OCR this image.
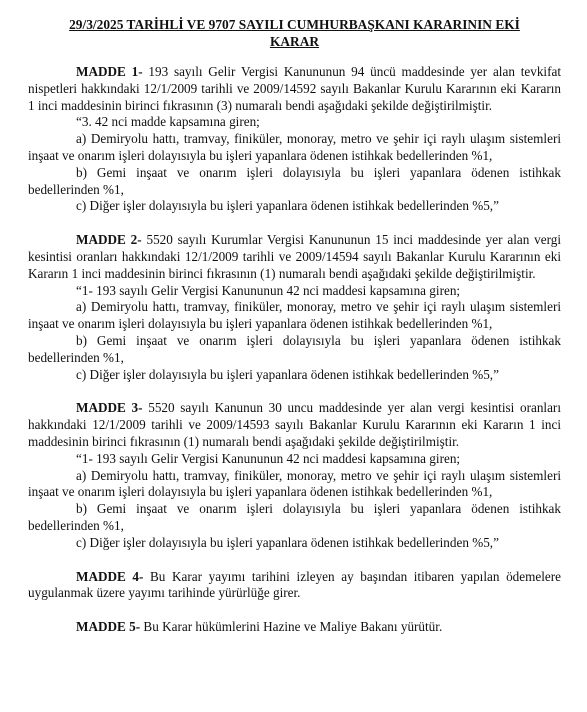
29/3/2025 TARİHLİ VE 9707 SAYILI CUMHURBAŞKANI KARARININ EKİ
KARAR

MADDE 1- 193 sayılı Gelir Vergisi Kanununun 94 üncü maddesinde yer alan tevkifat nispetleri hakkındaki 12/1/2009 tarihli ve 2009/14592 sayılı Bakanlar Kurulu Kararının eki Kararın 1 inci maddesinin birinci fıkrasının (3) numaralı bendi aşağıdaki şekilde değiştirilmiştir.

“3. 42 nci madde kapsamına giren;

a) Demiryolu hattı, tramvay, finiküler, monoray, metro ve şehir içi raylı ulaşım sistemleri inşaat ve onarım işleri dolayısıyla bu işleri yapanlara ödenen istihkak bedellerinden %1,

b) Gemi inşaat ve onarım işleri dolayısıyla bu işleri yapanlara ödenen istihkak bedellerinden %1,

c) Diğer işler dolayısıyla bu işleri yapanlara ödenen istihkak bedellerinden %5,”

MADDE 2- 5520 sayılı Kurumlar Vergisi Kanununun 15 inci maddesinde yer alan vergi kesintisi oranları hakkındaki 12/1/2009 tarihli ve 2009/14594 sayılı Bakanlar Kurulu Kararının eki Kararın 1 inci maddesinin birinci fıkrasının (1) numaralı bendi aşağıdaki şekilde değiştirilmiştir.

“1- 193 sayılı Gelir Vergisi Kanununun 42 nci maddesi kapsamına giren;

a) Demiryolu hattı, tramvay, finiküler, monoray, metro ve şehir içi raylı ulaşım sistemleri inşaat ve onarım işleri dolayısıyla bu işleri yapanlara ödenen istihkak bedellerinden %1,

b) Gemi inşaat ve onarım işleri dolayısıyla bu işleri yapanlara ödenen istihkak bedellerinden %1,

c) Diğer işler dolayısıyla bu işleri yapanlara ödenen istihkak bedellerinden %5,”

MADDE 3- 5520 sayılı Kanunun 30 uncu maddesinde yer alan vergi kesintisi oranları hakkındaki 12/1/2009 tarihli ve 2009/14593 sayılı Bakanlar Kurulu Kararının eki Kararın 1 inci maddesinin birinci fıkrasının (1) numaralı bendi aşağıdaki şekilde değiştirilmiştir.

“1- 193 sayılı Gelir Vergisi Kanununun 42 nci maddesi kapsamına giren;

a) Demiryolu hattı, tramvay, finiküler, monoray, metro ve şehir içi raylı ulaşım sistemleri inşaat ve onarım işleri dolayısıyla bu işleri yapanlara ödenen istihkak bedellerinden %1,

b) Gemi inşaat ve onarım işleri dolayısıyla bu işleri yapanlara ödenen istihkak bedellerinden %1,

c) Diğer işler dolayısıyla bu işleri yapanlara ödenen istihkak bedellerinden %5,”

MADDE 4- Bu Karar yayımı tarihini izleyen ay başından itibaren yapılan ödemelere uygulanmak üzere yayımı tarihinde yürürlüğe girer.

MADDE 5- Bu Karar hükümlerini Hazine ve Maliye Bakanı yürütür.
